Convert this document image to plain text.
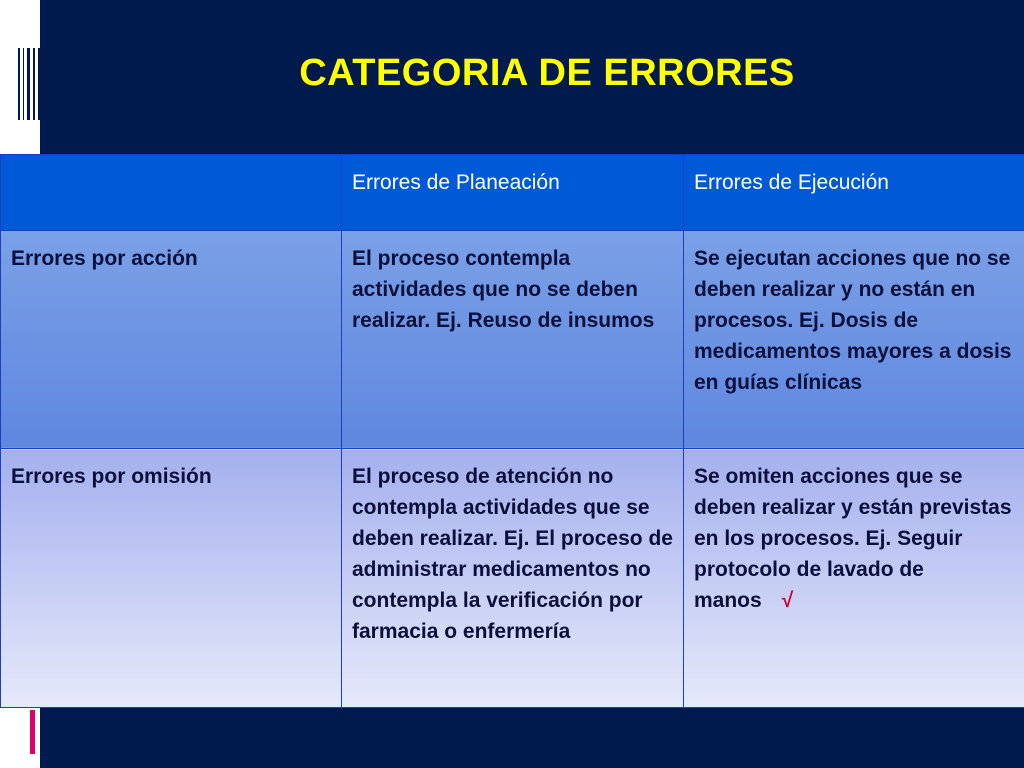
CATEGORIA DE ERRORES
	Errores de Planeación	Errores de Ejecución
Errores por acción	El proceso contempla actividades que no se deben realizar. Ej. Reuso de insumos	Se ejecutan acciones que no se deben realizar y no están en procesos. Ej. Dosis de medicamentos mayores a dosis en guías clínicas
Errores por omisión	El proceso de atención no contempla actividades que se deben realizar. Ej. El proceso de administrar medicamentos no contempla la verificación por farmacia o enfermería	Se omiten acciones que se deben realizar y están previstas en los procesos. Ej. Seguir protocolo de lavado de manos √
